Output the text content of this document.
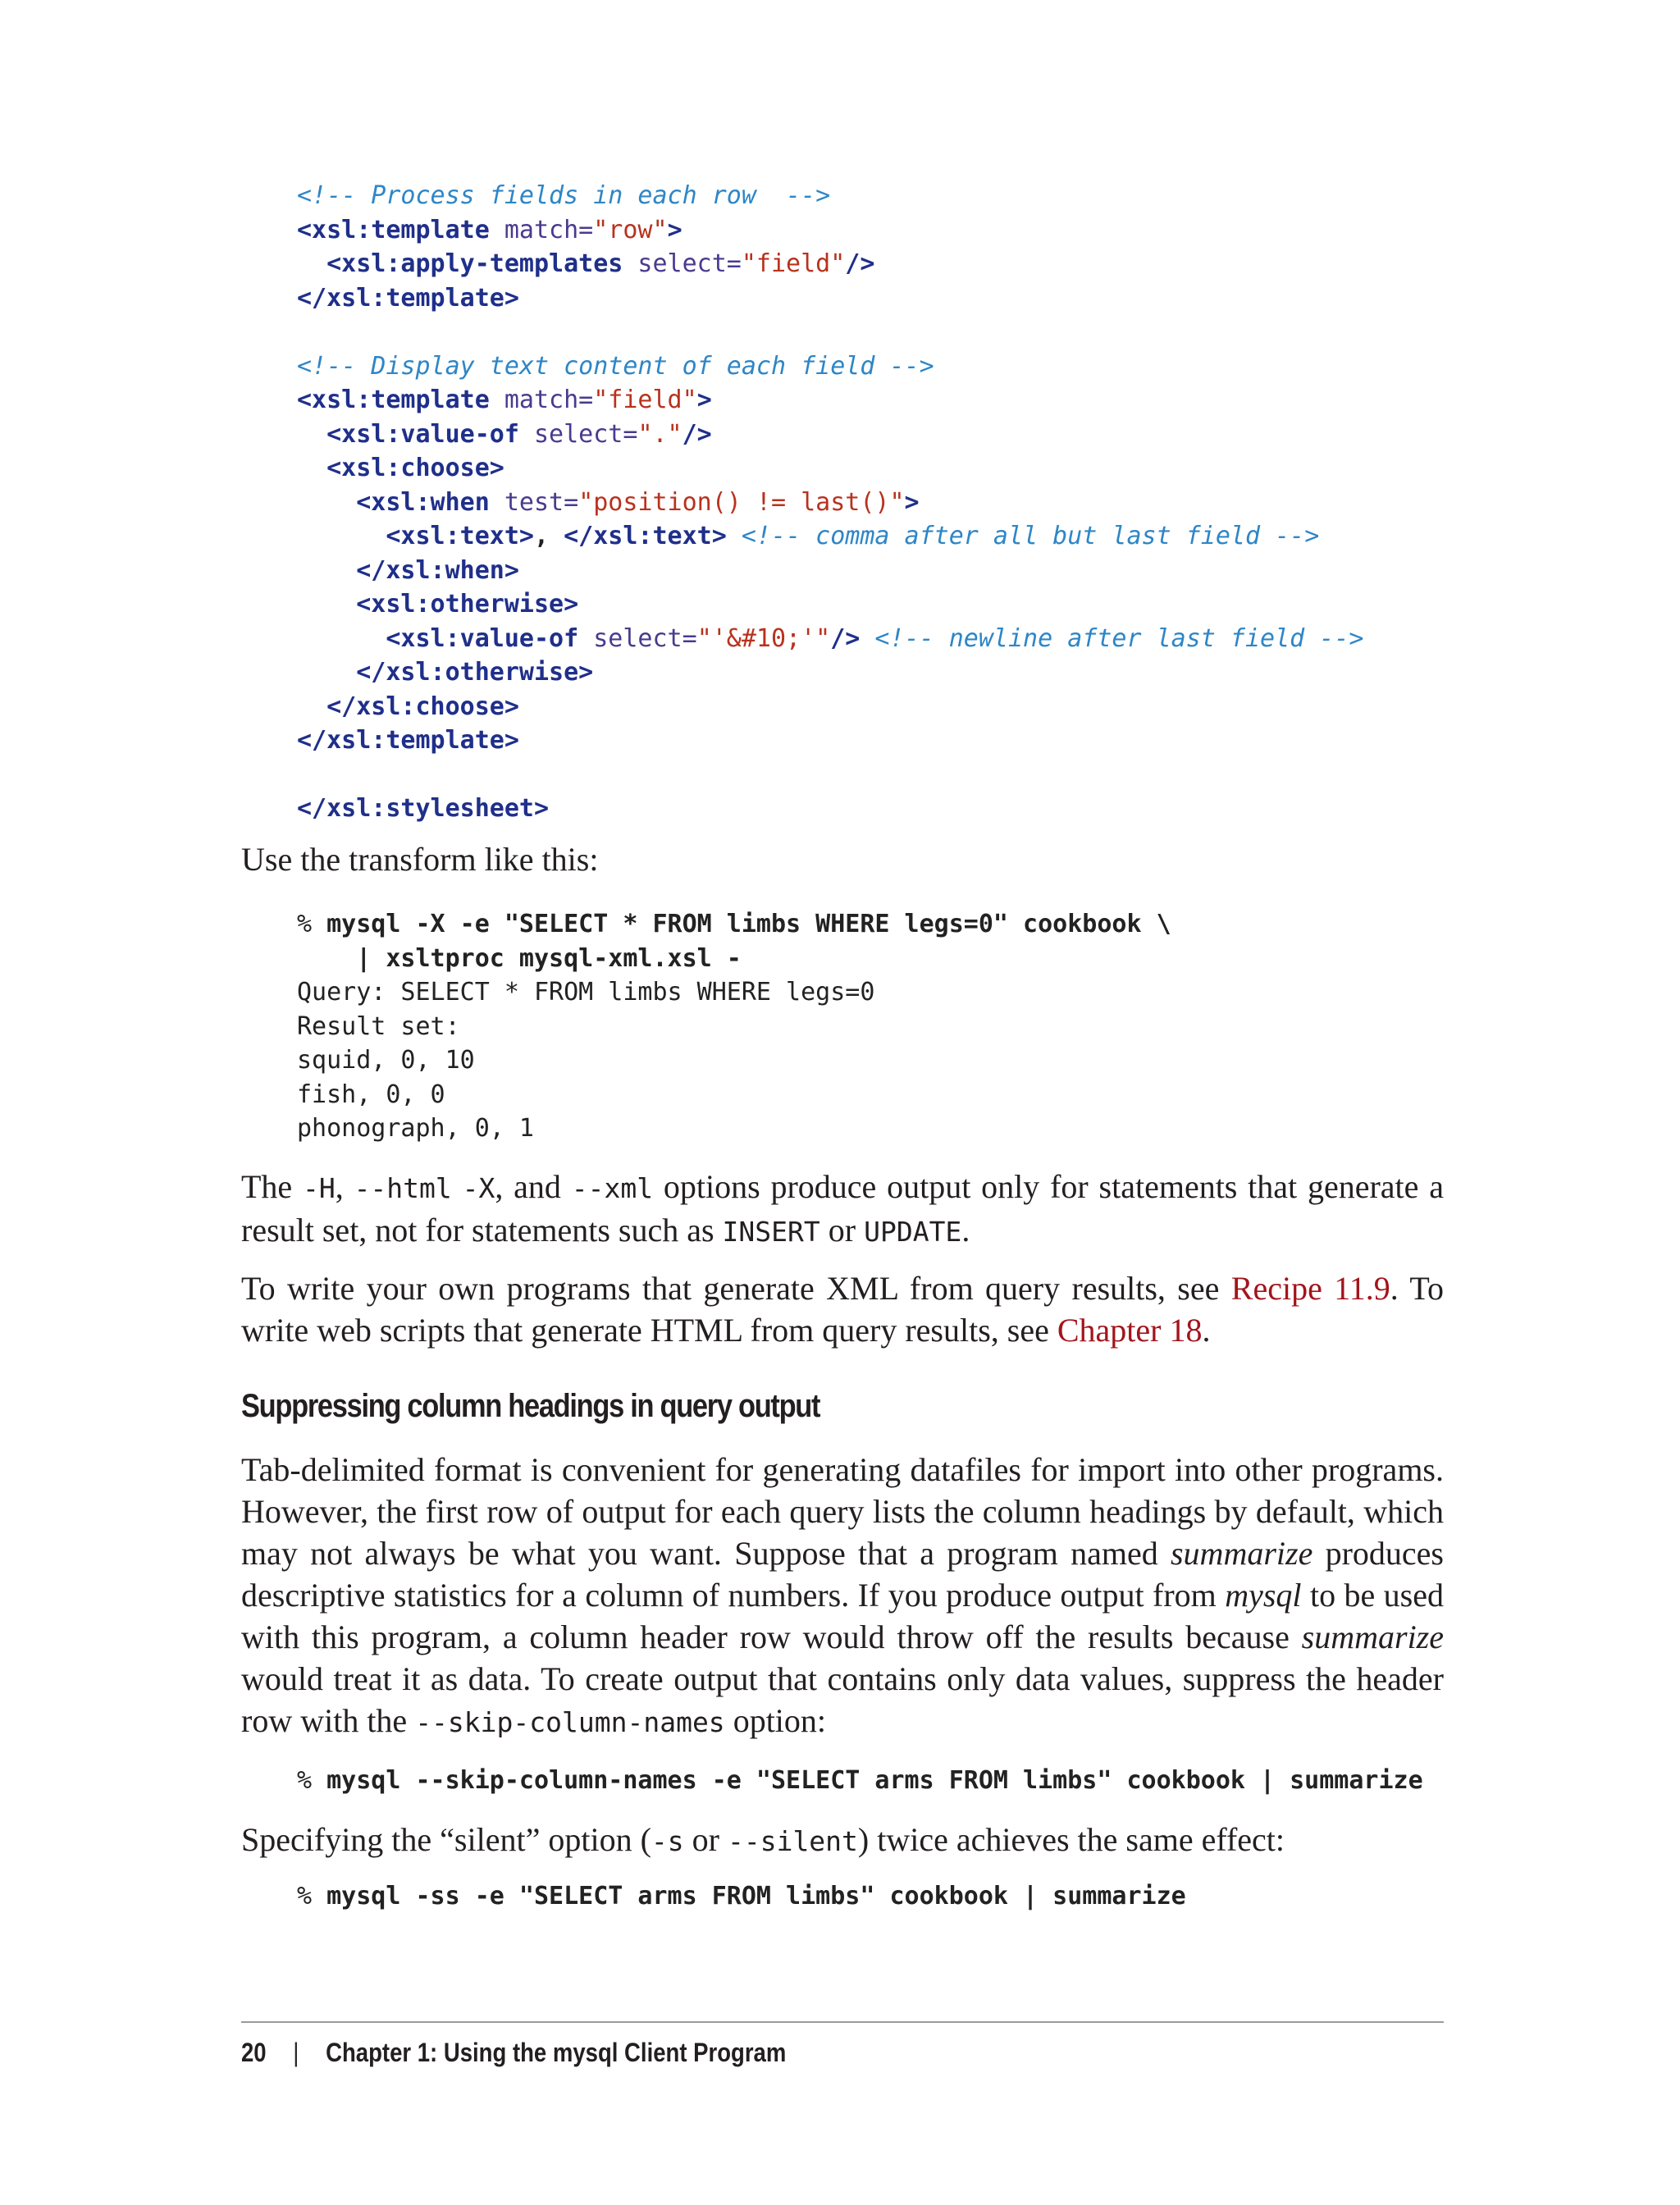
<!-- Process fields in each row  -->
<xsl:template match="row">
<xsl:apply-templates select="field"/>
</xsl:template>
<!-- Display text content of each field -->
<xsl:template match="field">
<xsl:value-of select="."/>
<xsl:choose>
<xsl:when test="position() != last()">
<xsl:text>, </xsl:text> <!-- comma after all but last field -->
</xsl:when>
<xsl:otherwise>
<xsl:value-of select="'&#10;'"/> <!-- newline after last field -->
</xsl:otherwise>
</xsl:choose>
</xsl:template>
</xsl:stylesheet>

Use the transform like this:

% mysql -X -e "SELECT * FROM limbs WHERE legs=0" cookbook \
| xsltproc mysql-xml.xsl -
Query: SELECT * FROM limbs WHERE legs=0
Result set:
squid, 0, 10
fish, 0, 0
phonograph, 0, 1

The -H, --html -X, and --xml options produce output only for statements that generate a result set, not for statements such as INSERT or UPDATE.

To write your own programs that generate XML from query results, see Recipe 11.9. To write web scripts that generate HTML from query results, see Chapter 18.

Suppressing column headings in query output

Tab-delimited format is convenient for generating datafiles for import into other programs. However, the first row of output for each query lists the column headings by default, which may not always be what you want. Suppose that a program named summarize produces descriptive statistics for a column of numbers. If you produce output from mysql to be used with this program, a column header row would throw off the results because summarize would treat it as data. To create output that contains only data values, suppress the header row with the --skip-column-names option:

% mysql --skip-column-names -e "SELECT arms FROM limbs" cookbook | summarize

Specifying the “silent” option (-s or --silent) twice achieves the same effect:

% mysql -ss -e "SELECT arms FROM limbs" cookbook | summarize
20 | Chapter 1: Using the mysql Client Program
